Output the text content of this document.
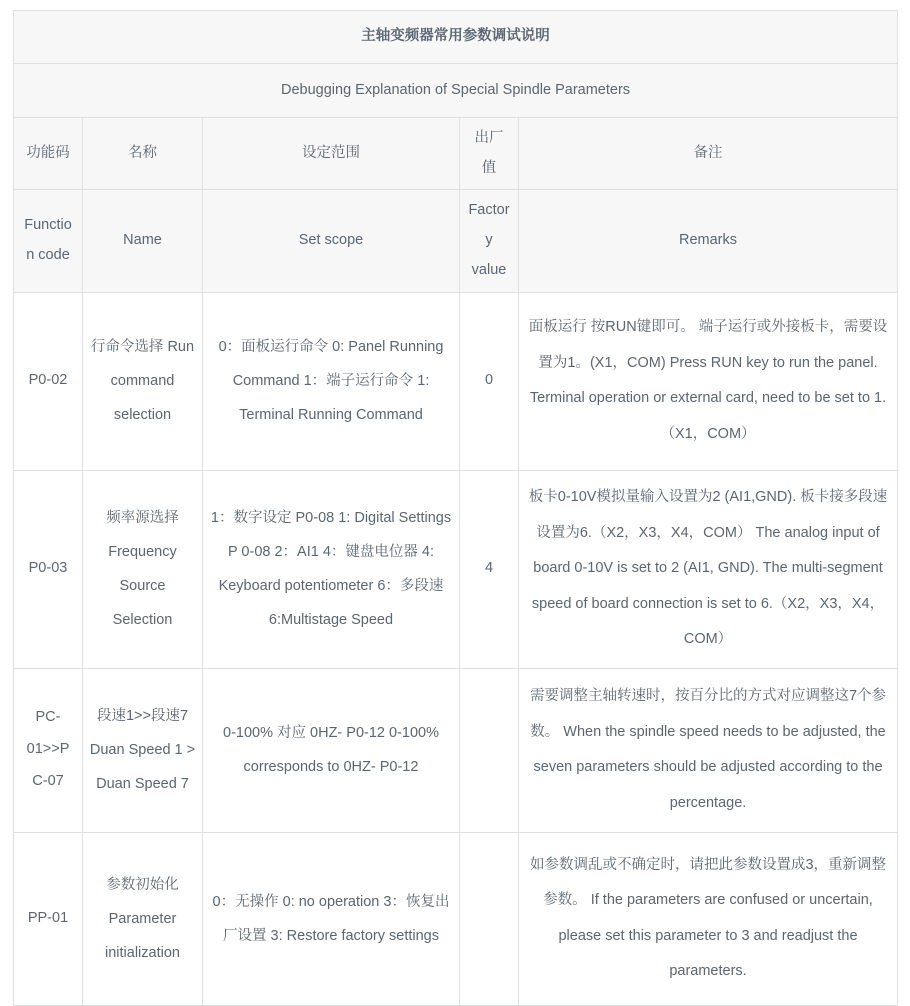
主轴变频器常用参数调试说明				
Debugging Explanation of Special Spindle Parameters				
功能码	名称	设定范围	出厂值	备注
Function code	Name	Set scope	Factory value	Remarks
P0-02	行命令选择 Run command selection	0：面板运行命令 0: Panel Running Command 1：端子运行命令 1: Terminal Running Command	0	面板运行 按RUN键即可。 端子运行或外接板卡，需要设置为1。(X1，COM) Press RUN key to run the panel. Terminal operation or external card, need to be set to 1.（X1，COM）
P0-03	频率源选择 Frequency Source Selection	1：数字设定 P0-08 1: Digital Settings P 0-08 2：AI1 4：键盘电位器 4: Keyboard potentiometer 6：多段速 6:Multistage Speed	4	板卡0-10V模拟量输入设置为2 (AI1,GND). 板卡接多段速设置为6.（X2，X3，X4，COM） The analog input of board 0-10V is set to 2 (AI1, GND). The multi-segment speed of board connection is set to 6.（X2，X3，X4，COM）
PC-01>>PC-07	段速1>>段速7 Duan Speed 1 > Duan Speed 7	0-100% 对应 0HZ- P0-12 0-100% corresponds to 0HZ- P0-12		需要调整主轴转速时，按百分比的方式对应调整这7个参数。 When the spindle speed needs to be adjusted, the seven parameters should be adjusted according to the percentage.
PP-01	参数初始化 Parameter initialization	0：无操作 0: no operation 3：恢复出厂设置 3: Restore factory settings		如参数调乱或不确定时，请把此参数设置成3，重新调整参数。 If the parameters are confused or uncertain, please set this parameter to 3 and readjust the parameters.
